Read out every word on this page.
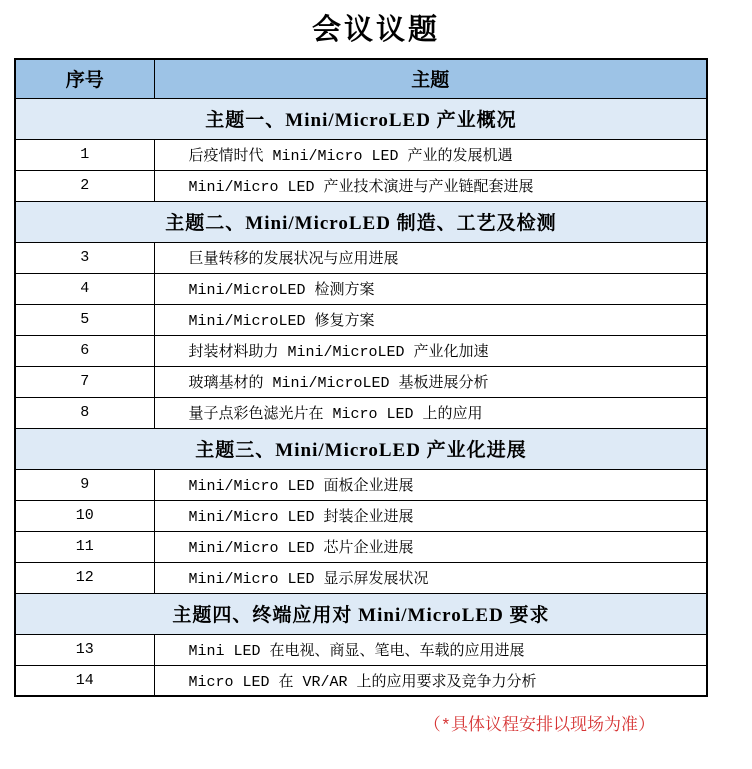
会议议题
序号	主题
主题一、Mini/MicroLED 产业概况	
1	后疫情时代 Mini/Micro LED 产业的发展机遇
2	Mini/Micro LED 产业技术演进与产业链配套进展
主题二、Mini/MicroLED 制造、工艺及检测	
3	巨量转移的发展状况与应用进展
4	Mini/MicroLED 检测方案
5	Mini/MicroLED 修复方案
6	封装材料助力 Mini/MicroLED 产业化加速
7	玻璃基材的 Mini/MicroLED 基板进展分析
8	量子点彩色滤光片在 Micro LED 上的应用
主题三、Mini/MicroLED 产业化进展	
9	Mini/Micro LED 面板企业进展
10	Mini/Micro LED 封装企业进展
11	Mini/Micro LED 芯片企业进展
12	Mini/Micro LED 显示屏发展状况
主题四、终端应用对 Mini/MicroLED 要求	
13	Mini LED 在电视、商显、笔电、车载的应用进展
14	Micro LED 在 VR/AR 上的应用要求及竞争力分析
（*具体议程安排以现场为准）
